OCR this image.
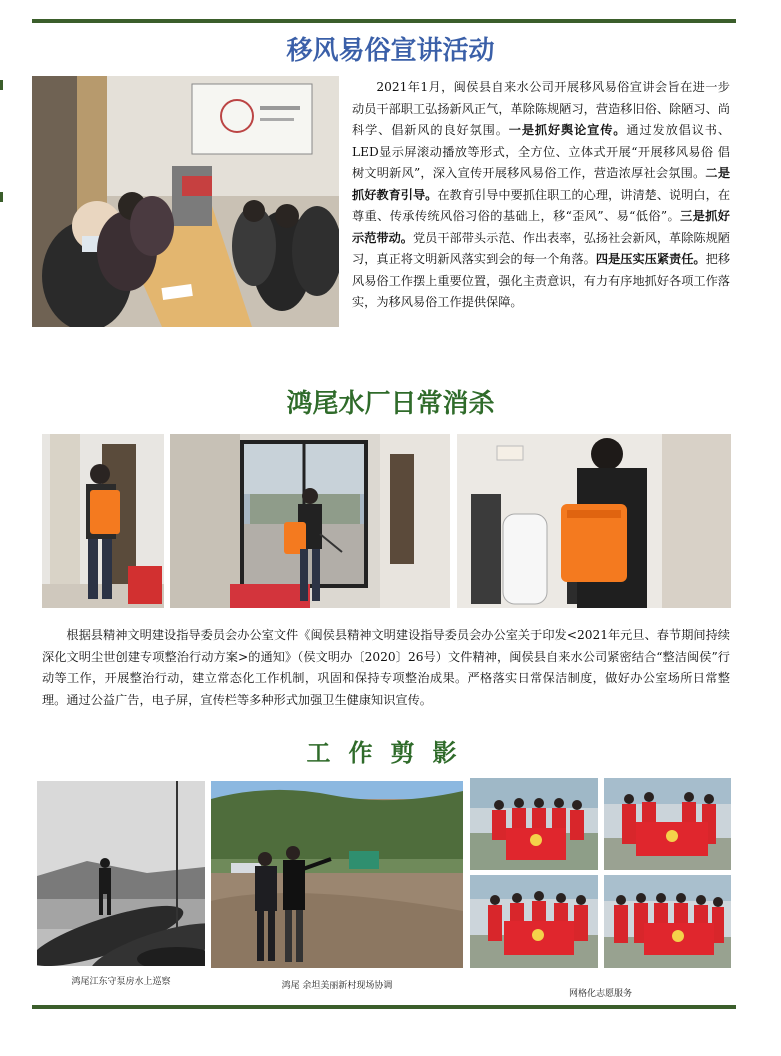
移风易俗宣讲活动

2021年1月，闽侯县自来水公司开展移风易俗宣讲会旨在进一步动员干部职工弘扬新风正气，革除陈规陋习，营造移旧俗、除陋习、尚科学、倡新风的良好氛围。一是抓好舆论宣传。通过发放倡议书、LED显示屏滚动播放等形式，全方位、立体式开展“开展移风易俗 倡树文明新风”，深入宣传开展移风易俗工作，营造浓厚社会氛围。二是抓好教育引导。在教育引导中要抓住职工的心理，讲清楚、说明白，在尊重、传承传统风俗习俗的基础上，移“歪风”、易“低俗”。三是抓好示范带动。党员干部带头示范、作出表率，弘扬社会新风，革除陈规陋习，真正将文明新风落实到会的每一个角落。四是压实压紧责任。把移风易俗工作摆上重要位置，强化主责意识，有力有序地抓好各项工作落实，为移风易俗工作提供保障。

鸿尾水厂日常消杀

根据县精神文明建设指导委员会办公室文件《闽侯县精神文明建设指导委员会办公室关于印发<2021年元旦、春节期间持续深化文明尘世创建专项整治行动方案>的通知》（侯文明办〔2020〕26号）文件精神，闽侯县自来水公司紧密结合“整洁闽侯”行动等工作，开展整治行动，建立常态化工作机制，巩固和保持专项整治成果。严格落实日常保洁制度，做好办公室场所日常整理。通过公益广告，电子屏，宣传栏等多种形式加强卫生健康知识宣传。

工作剪影
鸿尾江东守泵房水上巡察	鸿尾 余坦美丽新村现场协调
网格化志愿服务
